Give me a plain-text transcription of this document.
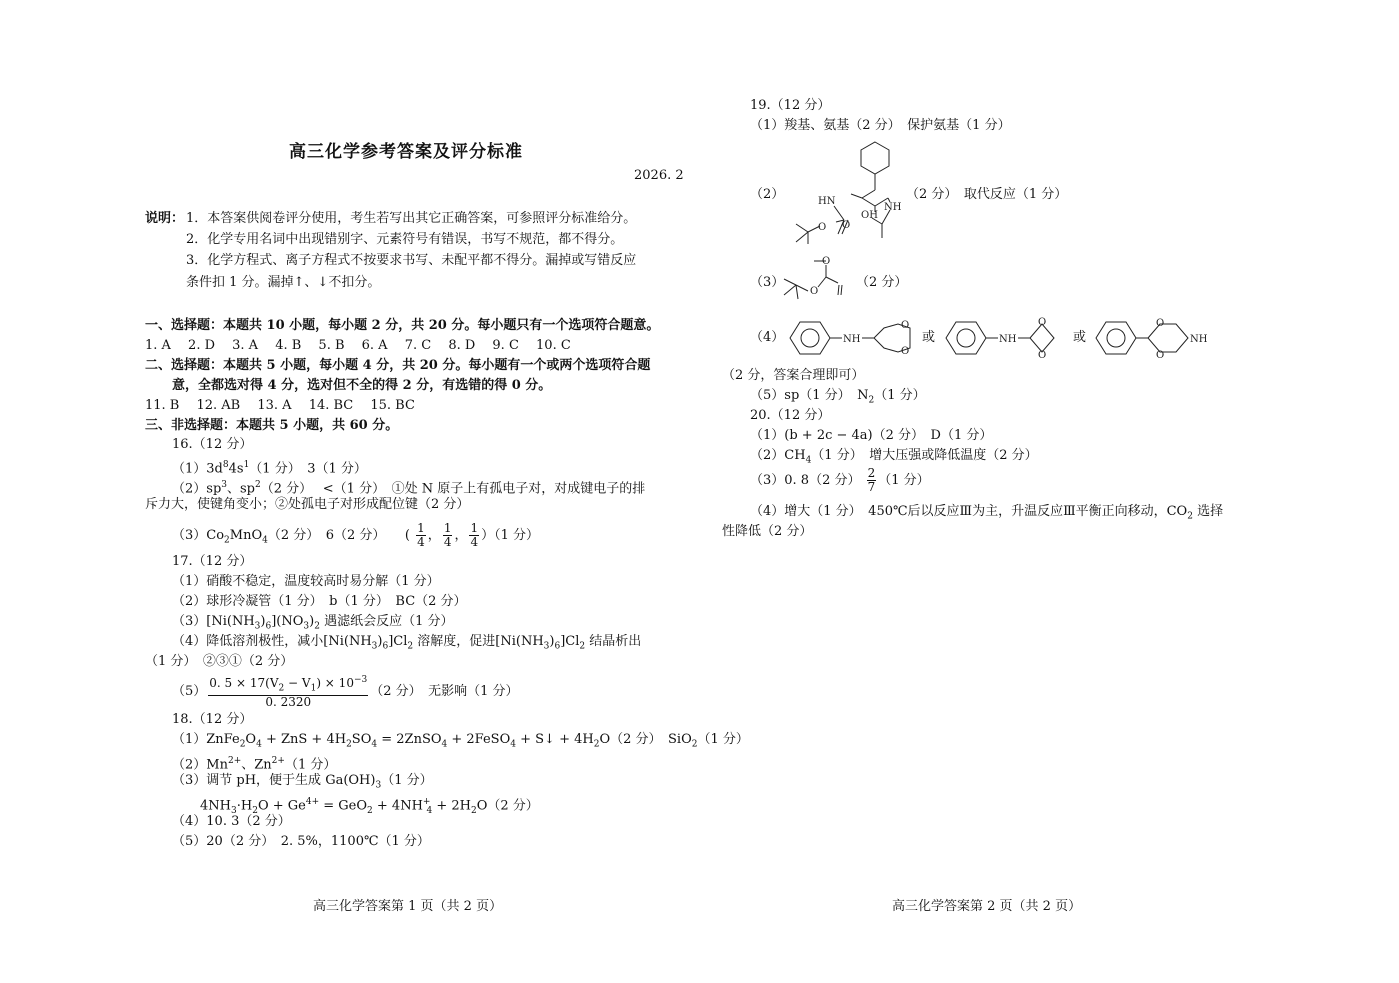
高三化学参考答案及评分标准
2026. 2
说明： 1．本答案供阅卷评分使用，考生若写出其它正确答案，可参照评分标准给分。
2．化学专用名词中出现错别字、元素符号有错误，书写不规范，都不得分。
3．化学方程式、离子方程式不按要求书写、未配平都不得分。漏掉或写错反应
条件扣 1 分。漏掉↑、↓不扣分。
一、选择题：本题共 10 小题，每小题 2 分，共 20 分。每小题只有一个选项符合题意。
1. A　 2. D　 3. A　 4. B　 5. B　 6. A　 7. C　 8. D　 9. C　 10. C
二、选择题：本题共 5 小题，每小题 4 分，共 20 分。每小题有一个或两个选项符合题
意，全都选对得 4 分，选对但不全的得 2 分，有选错的得 0 分。
11. B　 12. AB　 13. A　 14. BC　 15. BC
三、非选择题：本题共 5 小题，共 60 分。
16.（12 分）
$(1)3d^84s^1(1$ 分）　3（1 分）
$(2)sp^3$、$sp^2(2$ 分）　 <（1 分）　①处 N 原子上有孤电子对，对成键电子的排
斥力大，使键角变小；②处孤电子对形成配位键（2 分）
$(3)Co_2MnO_4(2$ 分）　6（2 分）　　( $\frac{1}{4}$ ， $\frac{1}{4}$ ， $\frac{1}{4} )(1$ 分）
17.（12 分）
（1）硝酸不稳定，温度较高时易分解（1 分）
（2）球形冷凝管（1 分）　b（1 分）　BC（2 分）
$(3)[Ni(NH_3)_6](NO_3)_2$ 遇滤纸会反应（1 分）
（4）降低溶剂极性，减小$[Ni(NH_3)_6]Cl_2$ 溶解度，促进$[Ni(NH_3)_6]Cl_2$ 结晶析出
（1 分）　②③①（2 分）
$(5) \frac{0. 5 \times 17(V_2 - V_1) \times 10^{-3}}{0. 2320} (2$ 分）　无影响（1 分）
18.（12 分）
$(1)ZnFe_2O_4$ + ZnS + $4H_2SO_4$ = 2ZnSO$_4$ + 2FeSO$_4$ + S↓ + $4H_2O(2$ 分）　SiO$_2$（1 分）
$(2)Mn^{2+}$、$Zn^{2+}(1$ 分）
（3）调节 pH，便于生成 $Ga(OH)_3(1$ 分）
$4NH_3\cdot H_2O + Ge^{4+} = GeO_2 + 4NH^+_4 + 2H_2O(2$ 分）
（4）10. 3（2 分）
（5）20（2 分）　2. 5%，1100℃（1 分）
高三化学答案第 1 页（共 2 页）
19.（12 分）
（1）羧基、氨基（2 分）　保护氨基（1 分）
（2）	HN
OH
NH
O
O
（2 分）　取代反应（1 分）
（3）
O
O
（2 分）
（4）	NH
O
O
或	NH
O
O
或
O
O
NH
（2 分，答案合理即可）
（5）sp（1 分）　$N_2(1$ 分）
20.（12 分）
（1）(b + 2c − 4a)（2 分）　D（1 分）
$(2)CH_4(1$ 分）　增大压强或降低温度（2 分）
（3）0. 8（2 分） $\frac{2}{7} (1$ 分）
（4）增大（1 分）　450℃后以反应Ⅲ为主，升温反应Ⅲ平衡正向移动，$CO_2$ 选择
性降低（2 分）
高三化学答案第 2 页（共 2 页）
